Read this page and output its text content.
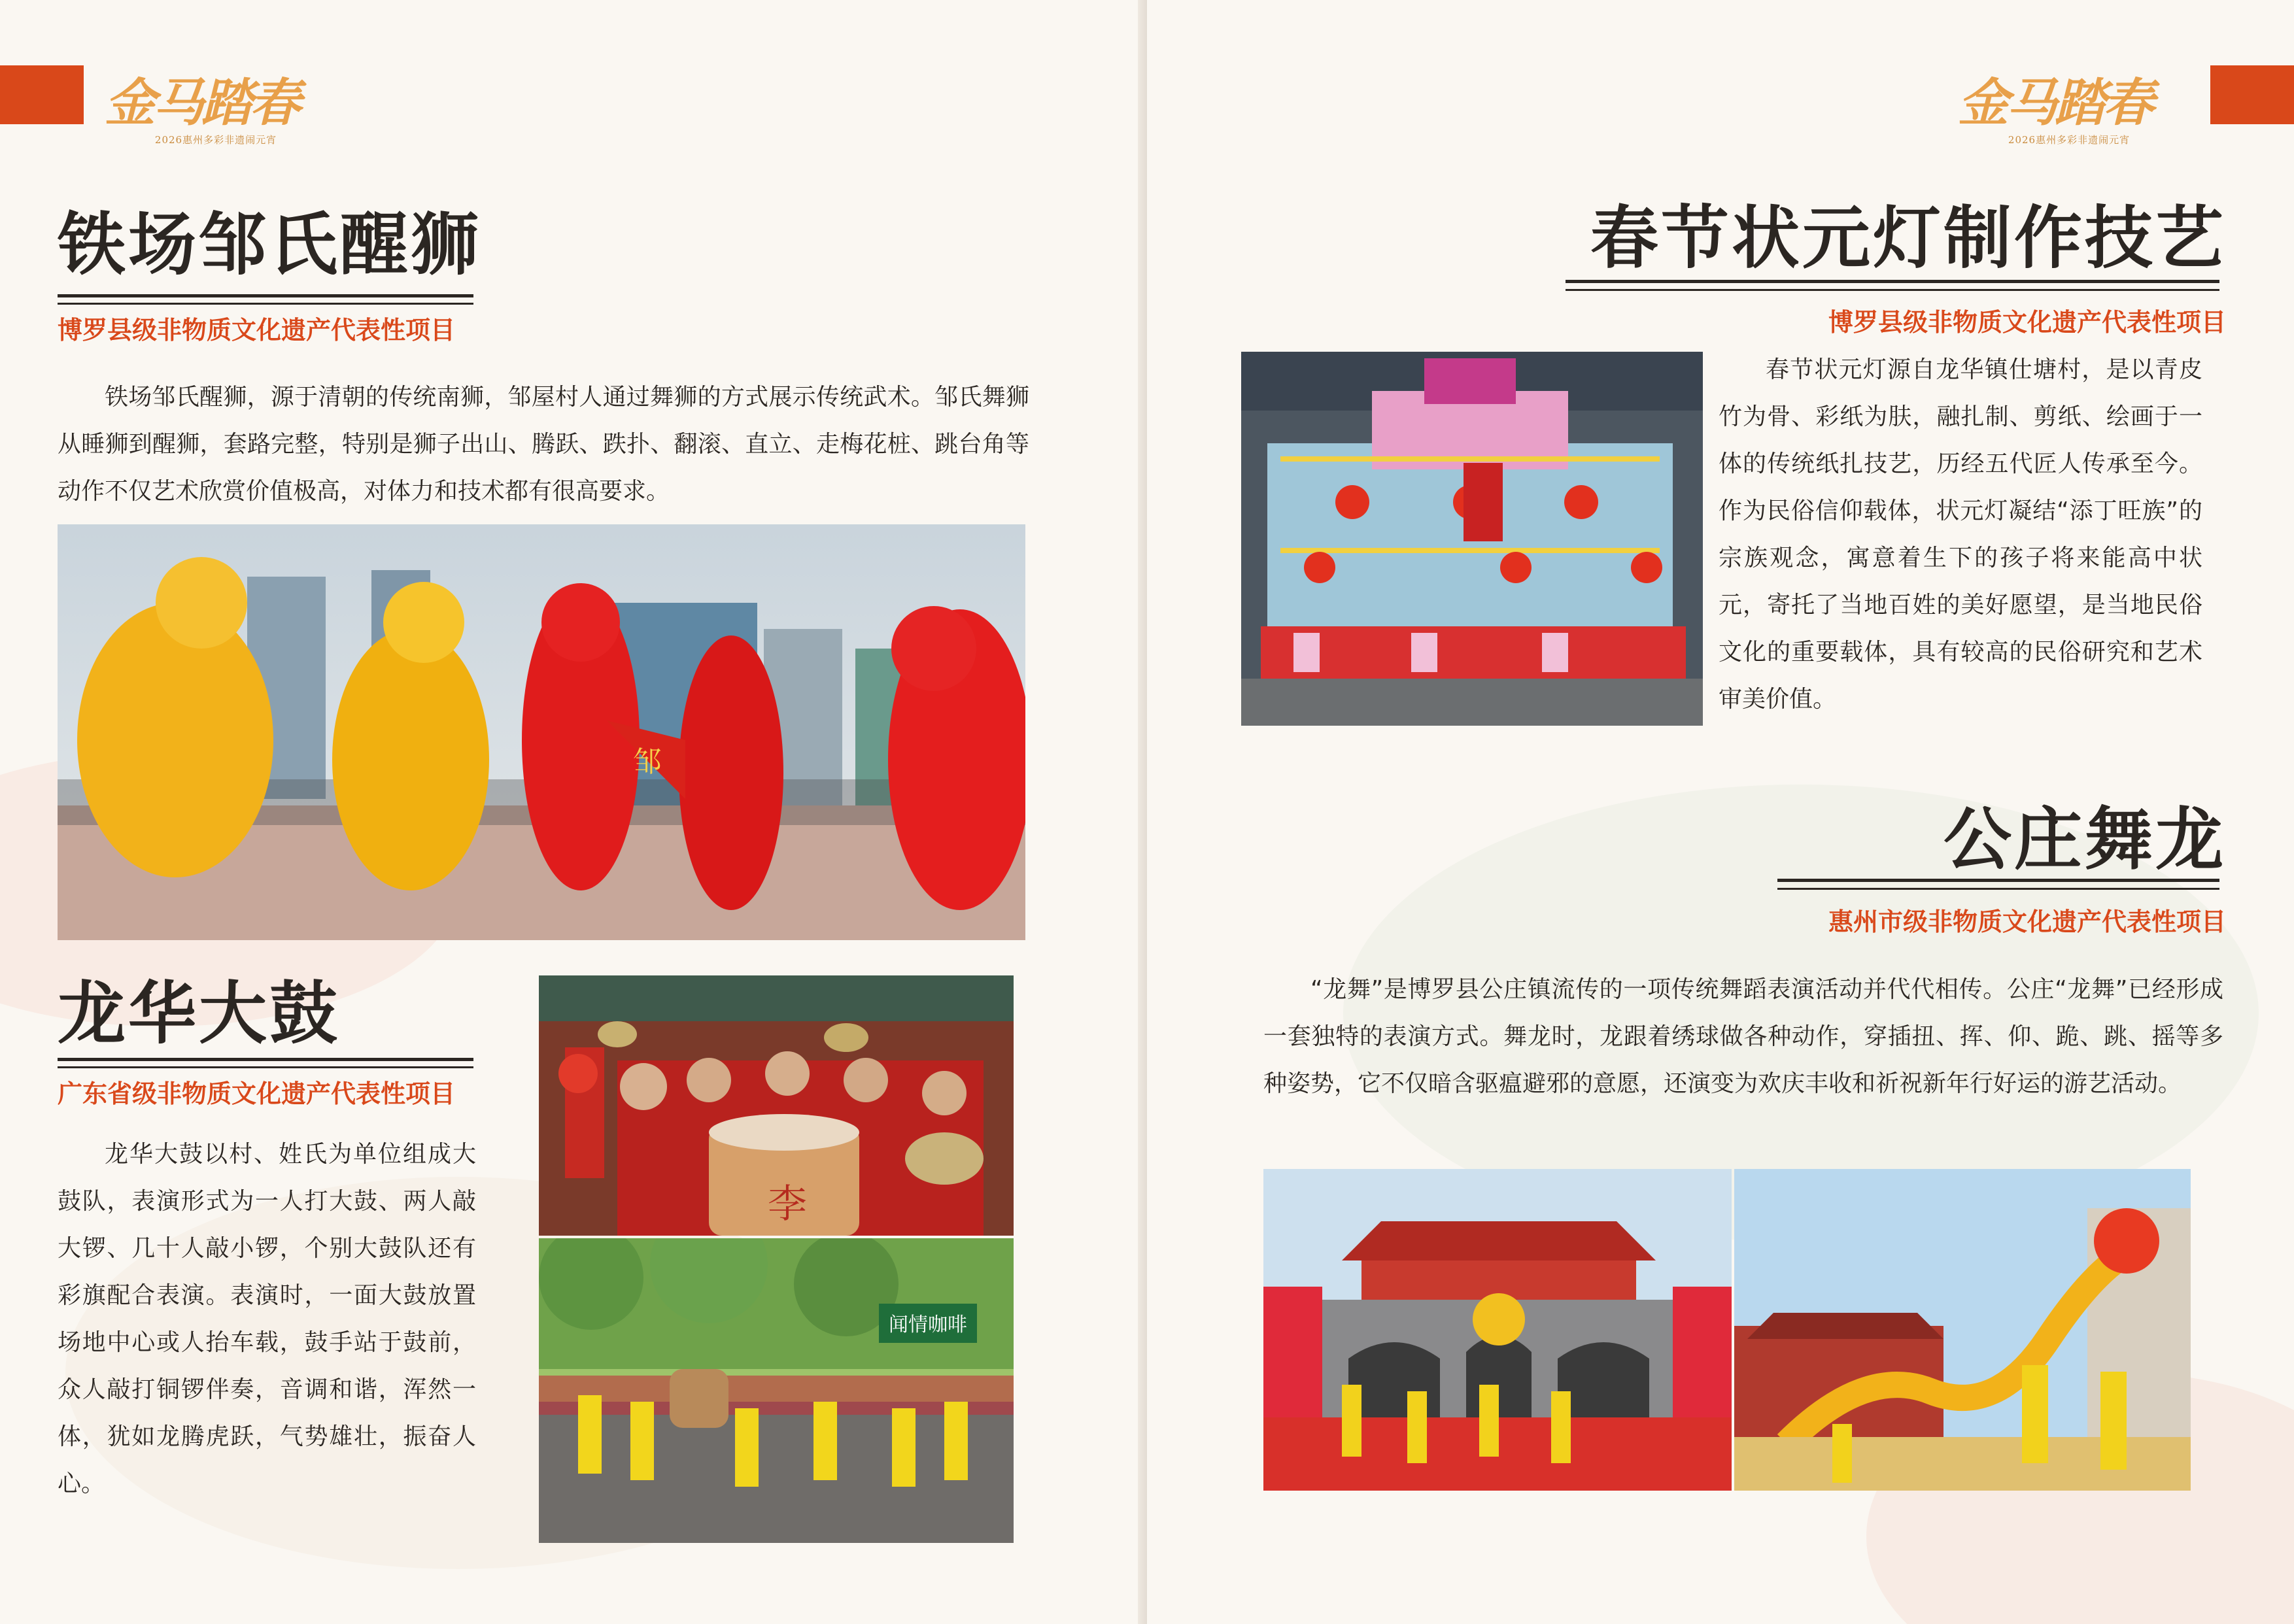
金马踏春
2026惠州多彩非遗闹元宵
铁场邹氏醒狮
博罗县级非物质文化遗产代表性项目

铁场邹氏醒狮，源于清朝的传统南狮，邹屋村人通过舞狮的方式展示传统武术。邹氏舞狮从睡狮到醒狮，套路完整，特别是狮子出山、腾跃、跌扑、翻滚、直立、走梅花桩、跳台角等动作不仅艺术欣赏价值极高，对体力和技术都有很高要求。

邹
龙华大鼓
广东省级非物质文化遗产代表性项目

龙华大鼓以村、姓氏为单位组成大鼓队，表演形式为一人打大鼓、两人敲大锣、几十人敲小锣，个别大鼓队还有彩旗配合表演。表演时，一面大鼓放置场地中心或人抬车载，鼓手站于鼓前，众人敲打铜锣伴奏，音调和谐，浑然一体，犹如龙腾虎跃，气势雄壮，振奋人心。

李
闻情咖啡
金马踏春
2026惠州多彩非遗闹元宵
春节状元灯制作技艺
博罗县级非物质文化遗产代表性项目

春节状元灯源自龙华镇仕塘村，是以青皮竹为骨、彩纸为肤，融扎制、剪纸、绘画于一体的传统纸扎技艺，历经五代匠人传承至今。作为民俗信仰载体，状元灯凝结“添丁旺族”的宗族观念，寓意着生下的孩子将来能高中状元，寄托了当地百姓的美好愿望，是当地民俗文化的重要载体，具有较高的民俗研究和艺术审美价值。

公庄舞龙
惠州市级非物质文化遗产代表性项目

“龙舞”是博罗县公庄镇流传的一项传统舞蹈表演活动并代代相传。公庄“龙舞”已经形成一套独特的表演方式。舞龙时，龙跟着绣球做各种动作，穿插扭、挥、仰、跪、跳、摇等多种姿势，它不仅暗含驱瘟避邪的意愿，还演变为欢庆丰收和祈祝新年行好运的游艺活动。
